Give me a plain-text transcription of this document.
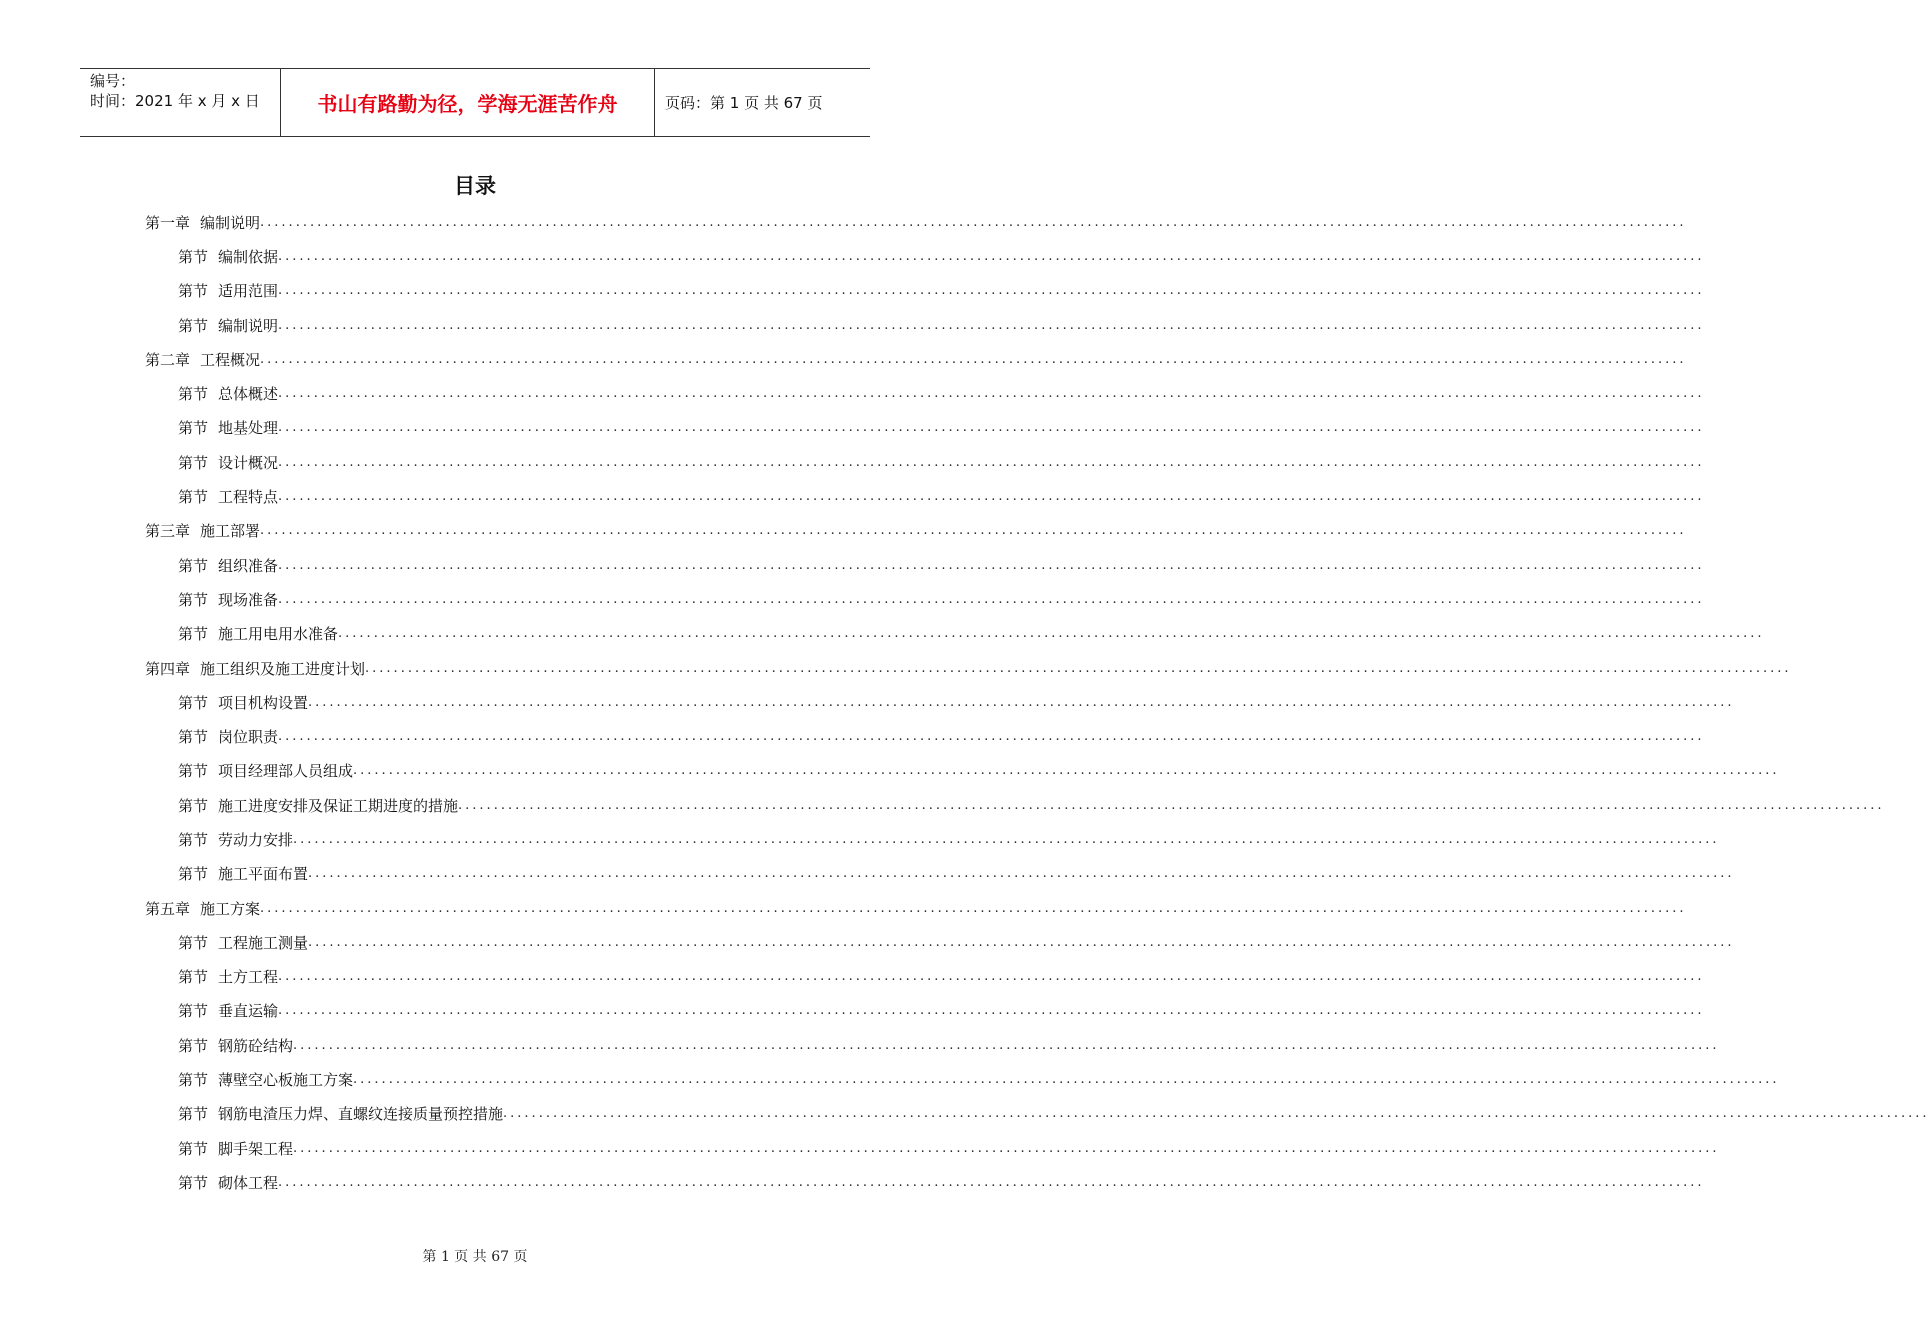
编号：
时间：2021 年 x 月 x 日	书山有路勤为径，学海无涯苦作舟	页码：第 1 页 共 67 页
目录
第一章 编制说明 ........................................................................................................................................................................................................
第节 编制依据 ........................................................................................................................................................................................................
第节 适用范围 ........................................................................................................................................................................................................
第节 编制说明 ........................................................................................................................................................................................................
第二章 工程概况 ........................................................................................................................................................................................................
第节 总体概述 ........................................................................................................................................................................................................
第节 地基处理 ........................................................................................................................................................................................................
第节 设计概况 ........................................................................................................................................................................................................
第节 工程特点 ........................................................................................................................................................................................................
第三章 施工部署 ........................................................................................................................................................................................................
第节 组织准备 ........................................................................................................................................................................................................
第节 现场准备 ........................................................................................................................................................................................................
第节 施工用电用水准备 ........................................................................................................................................................................................................
第四章 施工组织及施工进度计划 ........................................................................................................................................................................................................
第节 项目机构设置 ........................................................................................................................................................................................................
第节 岗位职责 ........................................................................................................................................................................................................
第节 项目经理部人员组成 ........................................................................................................................................................................................................
第节 施工进度安排及保证工期进度的措施 ........................................................................................................................................................................................................
第节 劳动力安排 ........................................................................................................................................................................................................
第节 施工平面布置 ........................................................................................................................................................................................................
第五章 施工方案 ........................................................................................................................................................................................................
第节 工程施工测量 ........................................................................................................................................................................................................
第节 土方工程 ........................................................................................................................................................................................................
第节 垂直运输 ........................................................................................................................................................................................................
第节 钢筋砼结构 ........................................................................................................................................................................................................
第节 薄壁空心板施工方案 ........................................................................................................................................................................................................
第节 钢筋电渣压力焊、直螺纹连接质量预控措施 ........................................................................................................................................................................................................
第节 脚手架工程 ........................................................................................................................................................................................................
第节 砌体工程 ........................................................................................................................................................................................................
第 1 页 共 67 页
